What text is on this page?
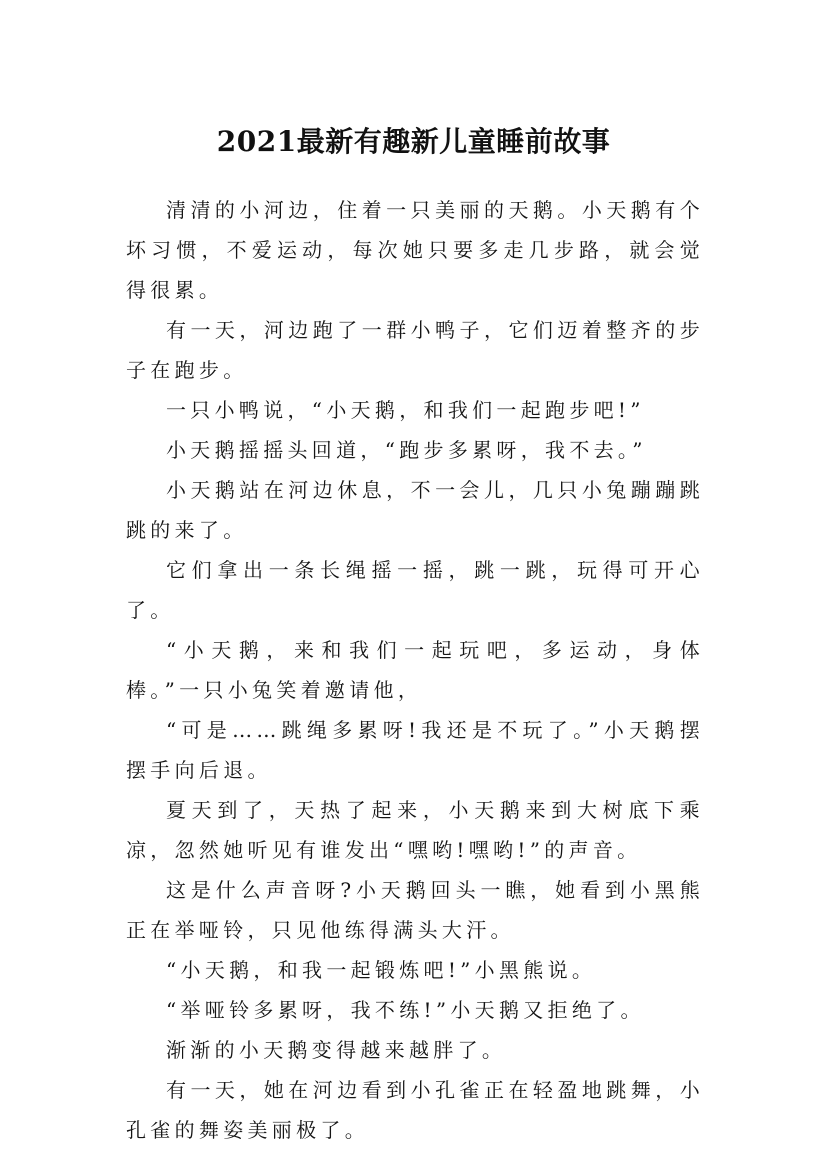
2021最新有趣新儿童睡前故事

清清的小河边，住着一只美丽的天鹅。小天鹅有个坏习惯，不爱运动，每次她只要多走几步路，就会觉得很累。

有一天，河边跑了一群小鸭子，它们迈着整齐的步子在跑步。

一只小鸭说，“小天鹅，和我们一起跑步吧!”

小天鹅摇摇头回道，“跑步多累呀，我不去。”

小天鹅站在河边休息，不一会儿，几只小兔蹦蹦跳跳的来了。

它们拿出一条长绳摇一摇，跳一跳，玩得可开心了。

“小天鹅，来和我们一起玩吧，多运动，身体棒。”一只小兔笑着邀请他，

“可是……跳绳多累呀!我还是不玩了。”小天鹅摆摆手向后退。

夏天到了，天热了起来，小天鹅来到大树底下乘凉，忽然她听见有谁发出“嘿哟!嘿哟!”的声音。

这是什么声音呀?小天鹅回头一瞧，她看到小黑熊正在举哑铃，只见他练得满头大汗。

“小天鹅，和我一起锻炼吧!”小黑熊说。

“举哑铃多累呀，我不练!”小天鹅又拒绝了。

渐渐的小天鹅变得越来越胖了。

有一天，她在河边看到小孔雀正在轻盈地跳舞，小孔雀的舞姿美丽极了。
